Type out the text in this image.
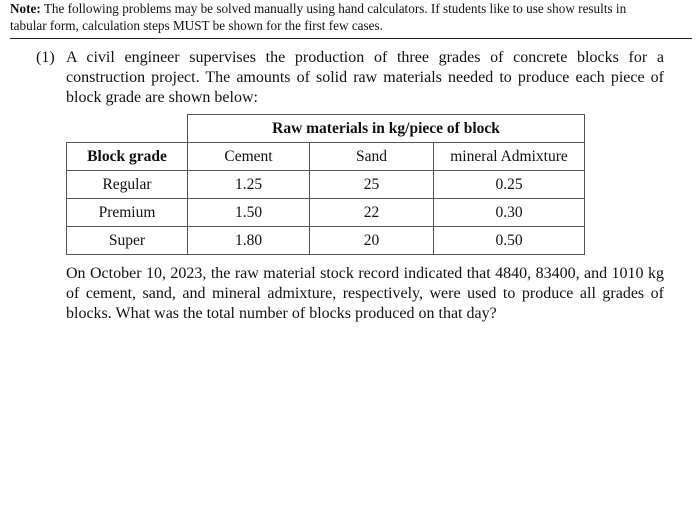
Note: The following problems may be solved manually using hand calculators. If students like to use show results in tabular form, calculation steps MUST be shown for the first few cases.
(1) A civil engineer supervises the production of three grades of concrete blocks for a construction project. The amounts of solid raw materials needed to produce each piece of block grade are shown below:
	Raw materials in kg/piece of block		
Block grade	Cement	Sand	mineral Admixture
Regular	1.25	25	0.25
Premium	1.50	22	0.30
Super	1.80	20	0.50
On October 10, 2023, the raw material stock record indicated that 4840, 83400, and 1010 kg of cement, sand, and mineral admixture, respectively, were used to produce all grades of blocks. What was the total number of blocks produced on that day?
